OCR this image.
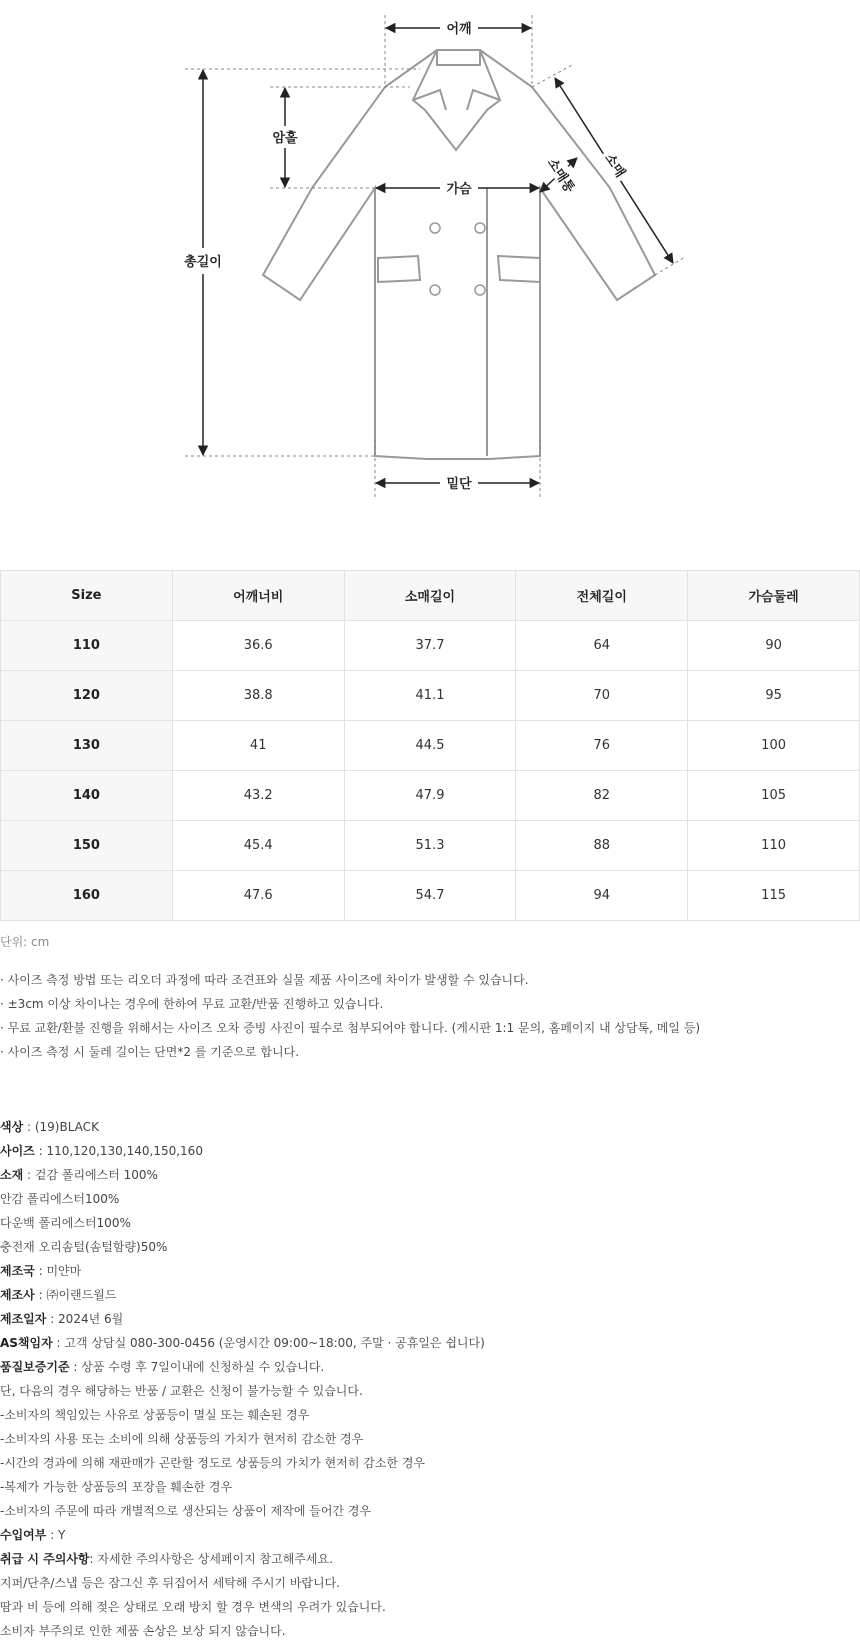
어깨
총길이
암홀
가슴
밑단
소매통 소매
Size	어깨너비	소매길이	전체길이	가슴둘레
110	36.6	37.7	64	90
120	38.8	41.1	70	95
130	41	44.5	76	100
140	43.2	47.9	82	105
150	45.4	51.3	88	110
160	47.6	54.7	94	115
단위: cm
· 사이즈 측정 방법 또는 리오더 과정에 따라 조견표와 실물 제품 사이즈에 차이가 발생할 수 있습니다.
· ±3cm 이상 차이나는 경우에 한하여 무료 교환/반품 진행하고 있습니다.
· 무료 교환/환불 진행을 위해서는 사이즈 오차 증빙 사진이 필수로 첨부되어야 합니다. (게시판 1:1 문의, 홈페이지 내 상담톡, 메일 등)
· 사이즈 측정 시 둘레 길이는 단면*2 를 기준으로 합니다.
색상 : (19)BLACK
사이즈 : 110,120,130,140,150,160
소재 : 겉감 폴리에스터 100%
안감 폴리에스터100%
다운백 폴리에스터100%
충전재 오리솜털(솜털함량)50%
제조국 : 미얀마
제조사 : ㈜이랜드월드
제조일자 : 2024년 6월
AS책임자 : 고객 상담실 080-300-0456 (운영시간 09:00~18:00, 주말 · 공휴일은 쉽니다)
품질보증기준 : 상품 수령 후 7일이내에 신청하실 수 있습니다.
단, 다음의 경우 해당하는 반품 / 교환은 신청이 불가능할 수 있습니다.
-소비자의 책임있는 사유로 상품등이 멸실 또는 훼손된 경우
-소비자의 사용 또는 소비에 의해 상품등의 가치가 현저히 감소한 경우
-시간의 경과에 의해 재판매가 곤란할 정도로 상품등의 가치가 현저히 감소한 경우
-복제가 가능한 상품등의 포장을 훼손한 경우
-소비자의 주문에 따라 개별적으로 생산되는 상품이 제작에 들어간 경우
수입여부 : Y
취급 시 주의사항: 자세한 주의사항은 상세페이지 참고해주세요.
지퍼/단추/스냅 등은 잠그신 후 뒤집어서 세탁해 주시기 바랍니다.
땀과 비 등에 의해 젖은 상태로 오래 방치 할 경우 변색의 우려가 있습니다.
소비자 부주의로 인한 제품 손상은 보상 되지 않습니다.
